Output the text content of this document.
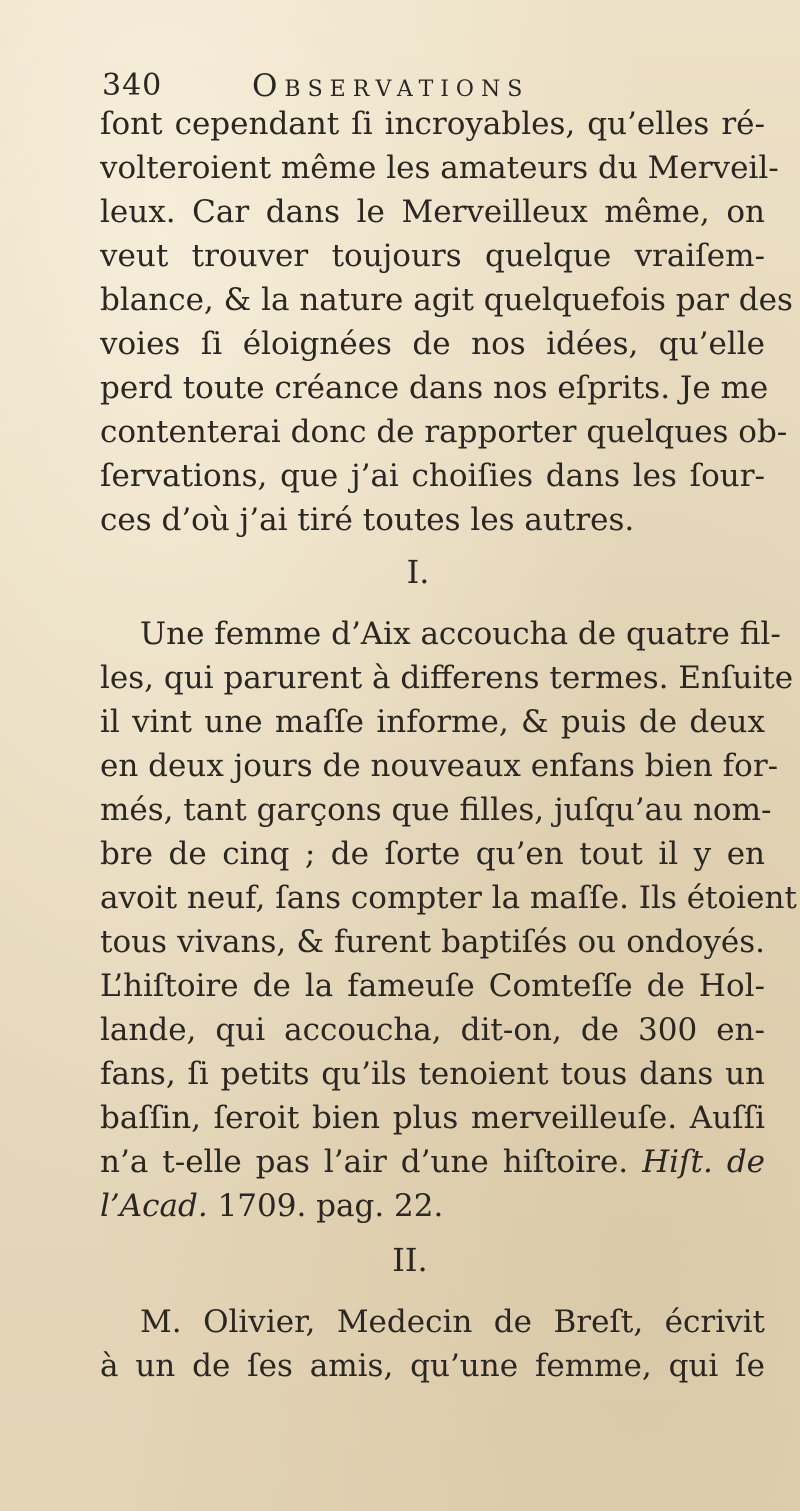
340	Observations
ſont cependant ſi incroyables, qu’elles ré-
volteroient même les amateurs du Merveil-
leux. Car dans le Merveilleux même, on
veut trouver toujours quelque vraiſem-
blance, & la nature agit quelquefois par des
voies ſi éloignées de nos idées, qu’elle
perd toute créance dans nos eſprits. Je me
contenterai donc de rapporter quelques ob-
ſervations, que j’ai choiſies dans les ſour-
ces d’où j’ai tiré toutes les autres.
I.
Une femme d’Aix accoucha de quatre fil-
les, qui parurent à differens termes. Enſuite
il vint une maſſe informe, & puis de deux
en deux jours de nouveaux enfans bien for-
més, tant garçons que filles, juſqu’au nom-
bre de cinq ; de ſorte qu’en tout il y en
avoit neuf, ſans compter la maſſe. Ils étoient
tous vivans, & furent baptiſés ou ondoyés.
L’hiſtoire de la fameuſe Comteſſe de Hol-
lande, qui accoucha, dit-on, de 300 en-
fans, ſi petits qu’ils tenoient tous dans un
baſſin, ſeroit bien plus merveilleuſe. Auſſi
n’a t-elle pas l’air d’une hiſtoire. Hiſt. de
l’Acad. 1709. pag. 22.
II.
M. Olivier, Medecin de Breſt, écrivit
à un de ſes amis, qu’une femme, qui ſe
